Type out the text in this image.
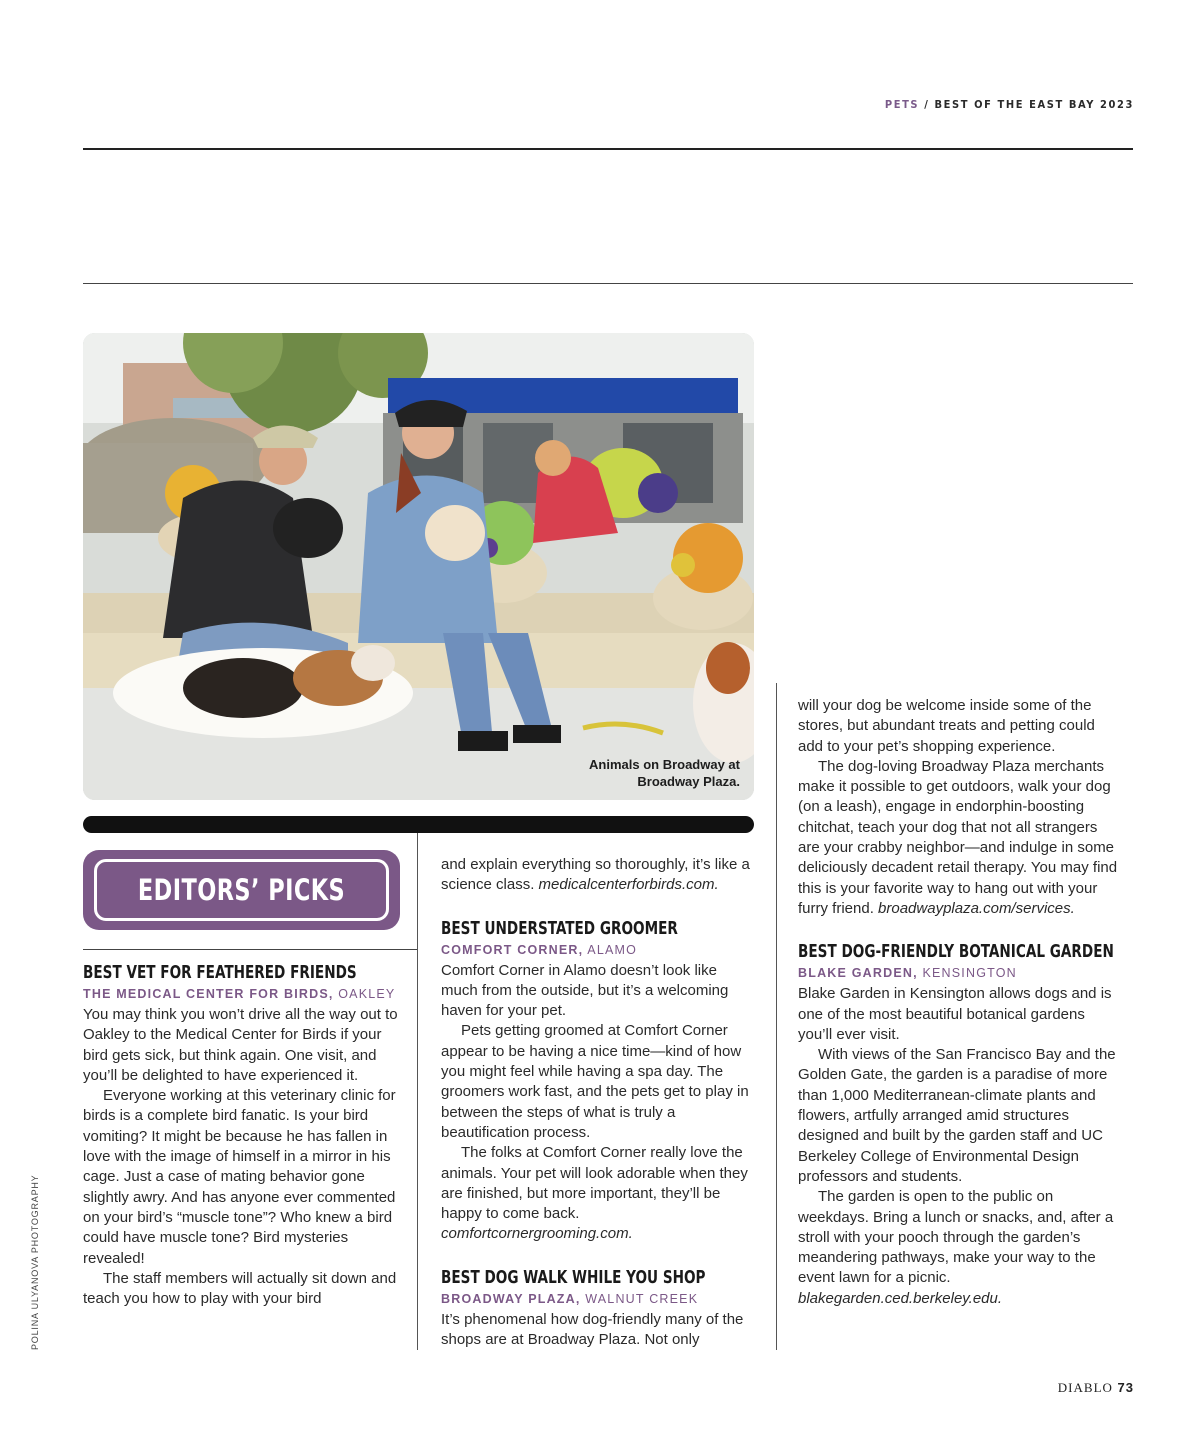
PETS / BEST OF THE EAST BAY 2023
Animals on Broadway at Broadway Plaza.
EDITORS’ PICKS
BEST VET FOR FEATHERED FRIENDS
THE MEDICAL CENTER FOR BIRDS, OAKLEY

You may think you won’t drive all the way out to Oakley to the Medical Center for Birds if your bird gets sick, but think again. One visit, and you’ll be delighted to have experienced it.

Everyone working at this veterinary clinic for birds is a complete bird fanatic. Is your bird vomiting? It might be because he has fallen in love with the image of himself in a mirror in his cage. Just a case of mating behavior gone slightly awry. And has anyone ever commented on your bird’s “muscle tone”? Who knew a bird could have muscle tone? Bird mysteries revealed!

The staff members will actually sit down and teach you how to play with your bird

and explain everything so thoroughly, it’s like a science class. medicalcenterforbirds.com.

BEST UNDERSTATED GROOMER
COMFORT CORNER, ALAMO

Comfort Corner in Alamo doesn’t look like much from the outside, but it’s a welcoming haven for your pet.

Pets getting groomed at Comfort Corner appear to be having a nice time—kind of how you might feel while having a spa day. The groomers work fast, and the pets get to play in between the steps of what is truly a beautification process.

The folks at Comfort Corner really love the animals. Your pet will look adorable when they are finished, but more important, they’ll be happy to come back. comfortcornergrooming.com.

BEST DOG WALK WHILE YOU SHOP
BROADWAY PLAZA, WALNUT CREEK

It’s phenomenal how dog-friendly many of the shops are at Broadway Plaza. Not only

will your dog be welcome inside some of the stores, but abundant treats and petting could add to your pet’s shopping experience.

The dog-loving Broadway Plaza merchants make it possible to get outdoors, walk your dog (on a leash), engage in endorphin-boosting chitchat, teach your dog that not all strangers are your crabby neighbor—and indulge in some deliciously decadent retail therapy. You may find this is your favorite way to hang out with your furry friend. broadwayplaza.com/services.

BEST DOG-FRIENDLY BOTANICAL GARDEN
BLAKE GARDEN, KENSINGTON

Blake Garden in Kensington allows dogs and is one of the most beautiful botanical gardens you’ll ever visit.

With views of the San Francisco Bay and the Golden Gate, the garden is a paradise of more than 1,000 Mediterranean-climate plants and flowers, artfully arranged amid structures designed and built by the garden staff and UC Berkeley College of Environmental Design professors and students.

The garden is open to the public on weekdays. Bring a lunch or snacks, and, after a stroll with your pooch through the garden’s meandering pathways, make your way to the event lawn for a picnic. blakegarden.ced.berkeley.edu.

POLINA ULYANOVA PHOTOGRAPHY
DIABLO 73
